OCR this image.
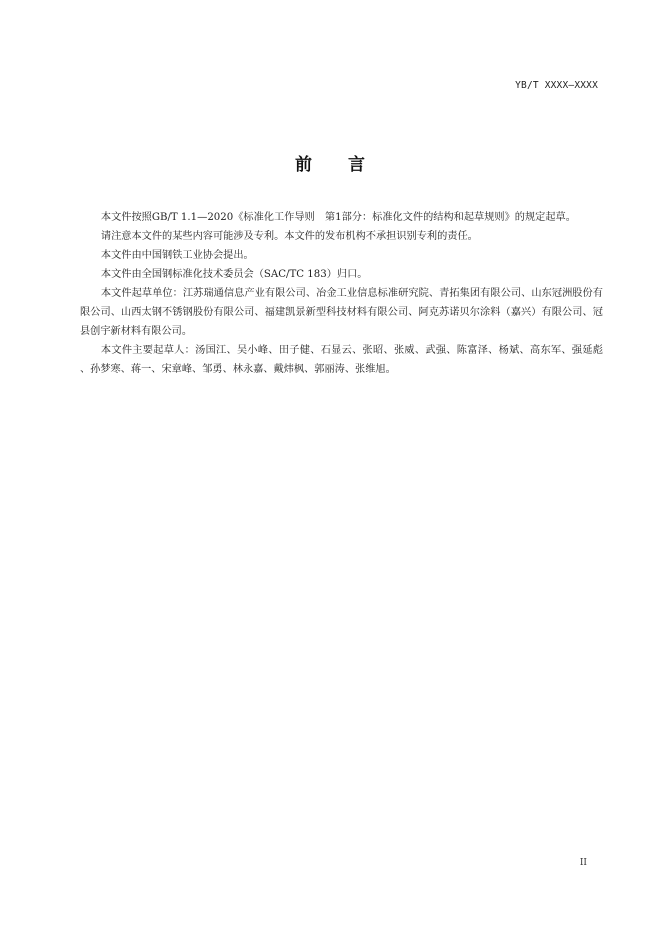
YB/T XXXX—XXXX
前 言

本文件按照GB/T 1.1—2020《标准化工作导则　第1部分：标准化文件的结构和起草规则》的规定起草。

请注意本文件的某些内容可能涉及专利。本文件的发布机构不承担识别专利的责任。

本文件由中国钢铁工业协会提出。

本文件由全国钢标准化技术委员会（SAC/TC 183）归口。

本文件起草单位：江苏瑞通信息产业有限公司、冶金工业信息标准研究院、青拓集团有限公司、山东冠洲股份有限公司、山西太钢不锈钢股份有限公司、福建凯景新型科技材料有限公司、阿克苏诺贝尔涂料（嘉兴）有限公司、冠县创宇新材料有限公司。

本文件主要起草人：汤国江、吴小峰、田子健、石显云、张昭、张威、武强、陈富泽、杨斌、高东军、强延彪 、孙梦寒、蒋一、宋章峰、邹勇、林永嘉、戴炜枫、郭丽涛、张维旭。

II
